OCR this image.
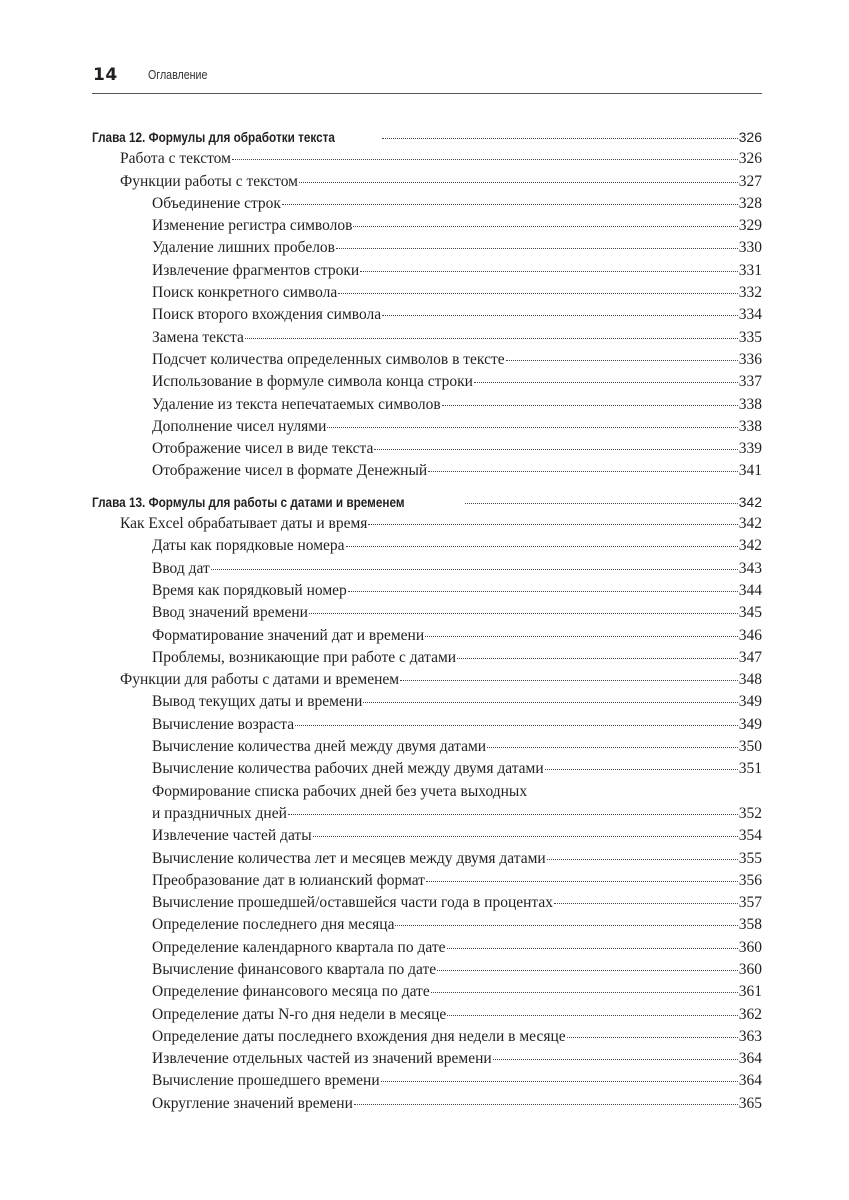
14 Оглавление
Глава 12. Формулы для обработки текста	326
Работа с текстом	326
Функции работы с текстом	327
Объединение строк	328
Изменение регистра символов	329
Удаление лишних пробелов	330
Извлечение фрагментов строки	331
Поиск конкретного символа	332
Поиск второго вхождения символа	334
Замена текста	335
Подсчет количества определенных символов в тексте	336
Использование в формуле символа конца строки	337
Удаление из текста непечатаемых символов	338
Дополнение чисел нулями	338
Отображение чисел в виде текста	339
Отображение чисел в формате Денежный	341
Глава 13. Формулы для работы с датами и временем	342
Как Excel обрабатывает даты и время	342
Даты как порядковые номера	342
Ввод дат	343
Время как порядковый номер	344
Ввод значений времени	345
Форматирование значений дат и времени	346
Проблемы, возникающие при работе с датами	347
Функции для работы с датами и временем	348
Вывод текущих даты и времени	349
Вычисление возраста	349
Вычисление количества дней между двумя датами	350
Вычисление количества рабочих дней между двумя датами	351
Формирование списка рабочих дней без учета выходных
и праздничных дней	352
Извлечение частей даты	354
Вычисление количества лет и месяцев между двумя датами	355
Преобразование дат в юлианский формат	356
Вычисление прошедшей/оставшейся части года в процентах	357
Определение последнего дня месяца	358
Определение календарного квартала по дате	360
Вычисление финансового квартала по дате	360
Определение финансового месяца по дате	361
Определение даты N-го дня недели в месяце	362
Определение даты последнего вхождения дня недели в месяце	363
Извлечение отдельных частей из значений времени	364
Вычисление прошедшего времени	364
Округление значений времени	365
